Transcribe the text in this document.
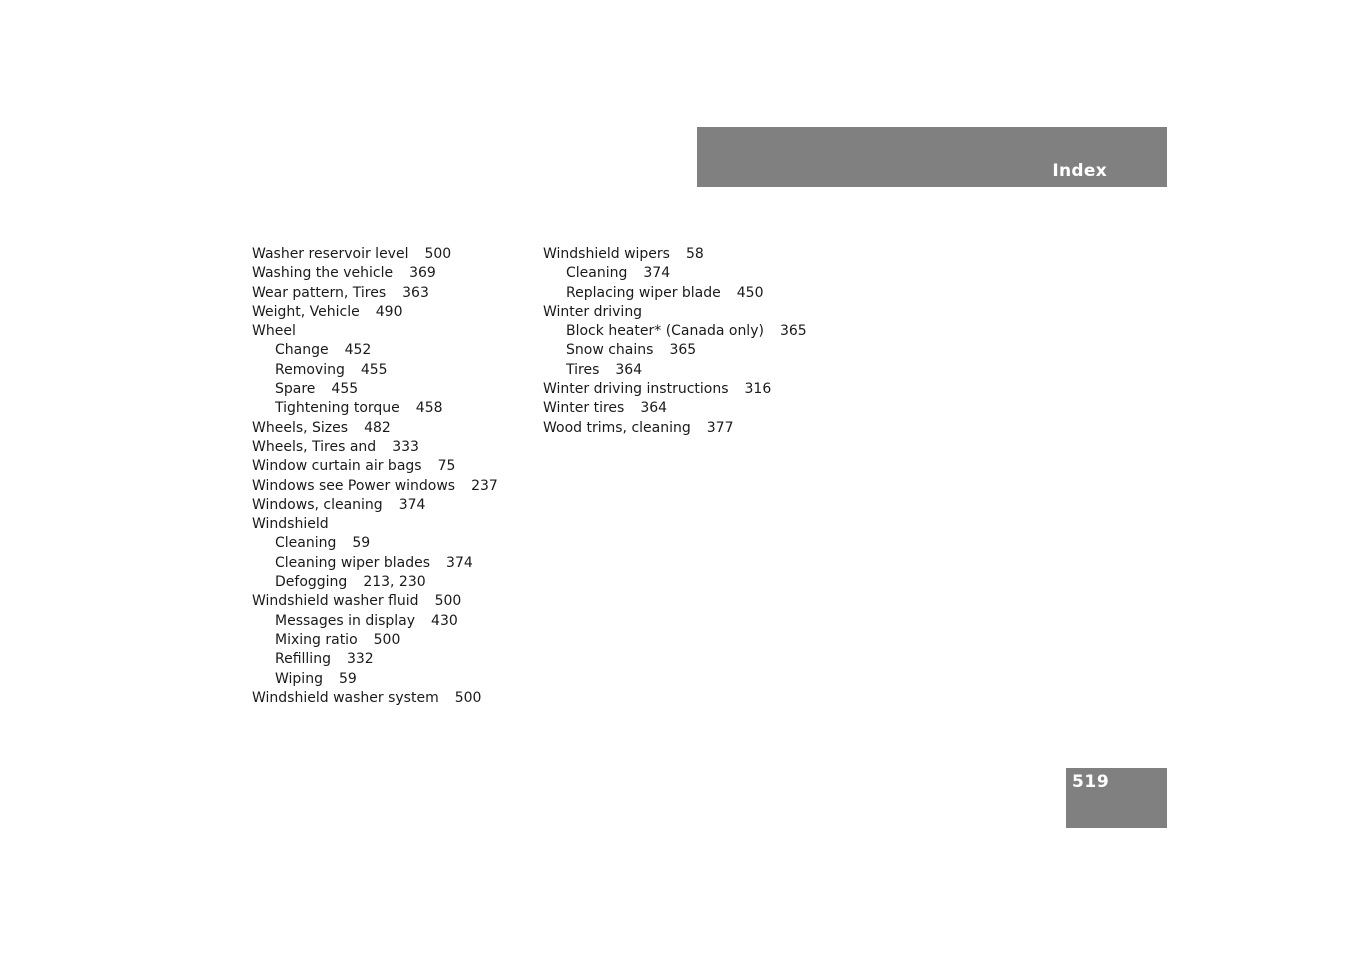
Index
Washer reservoir level 500
Washing the vehicle 369
Wear pattern, Tires 363
Weight, Vehicle 490
Wheel
Change 452
Removing 455
Spare 455
Tightening torque 458
Wheels, Sizes 482
Wheels, Tires and 333
Window curtain air bags 75
Windows see Power windows 237
Windows, cleaning 374
Windshield
Cleaning 59
Cleaning wiper blades 374
Defogging 213, 230
Windshield washer fluid 500
Messages in display 430
Mixing ratio 500
Refilling 332
Wiping 59
Windshield washer system 500
Windshield wipers 58
Cleaning 374
Replacing wiper blade 450
Winter driving
Block heater* (Canada only) 365
Snow chains 365
Tires 364
Winter driving instructions 316
Winter tires 364
Wood trims, cleaning 377
519
